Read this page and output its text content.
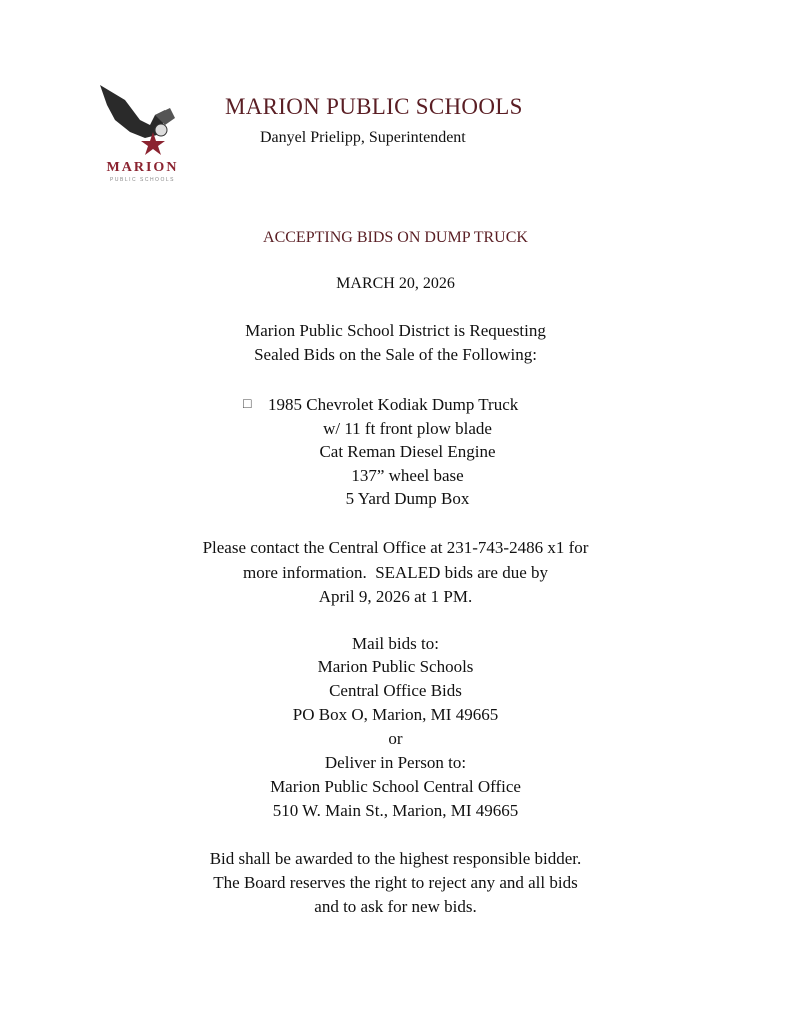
MARION
PUBLIC SCHOOLS
MARION PUBLIC SCHOOLS
Danyel Prielipp, Superintendent
ACCEPTING BIDS ON DUMP TRUCK
MARCH 20, 2026
Marion Public School District is Requesting
Sealed Bids on the Sale of the Following:
□ 1985 Chevrolet Kodiak Dump Truck
w/ 11 ft front plow blade
Cat Reman Diesel Engine
137” wheel base
5 Yard Dump Box
Please contact the Central Office at 231-743-2486 x1 for
more information.  SEALED bids are due by
April 9, 2026 at 1 PM.
Mail bids to:
Marion Public Schools
Central Office Bids
PO Box O, Marion, MI 49665
or
Deliver in Person to:
Marion Public School Central Office
510 W. Main St., Marion, MI 49665
Bid shall be awarded to the highest responsible bidder.
The Board reserves the right to reject any and all bids
and to ask for new bids.
